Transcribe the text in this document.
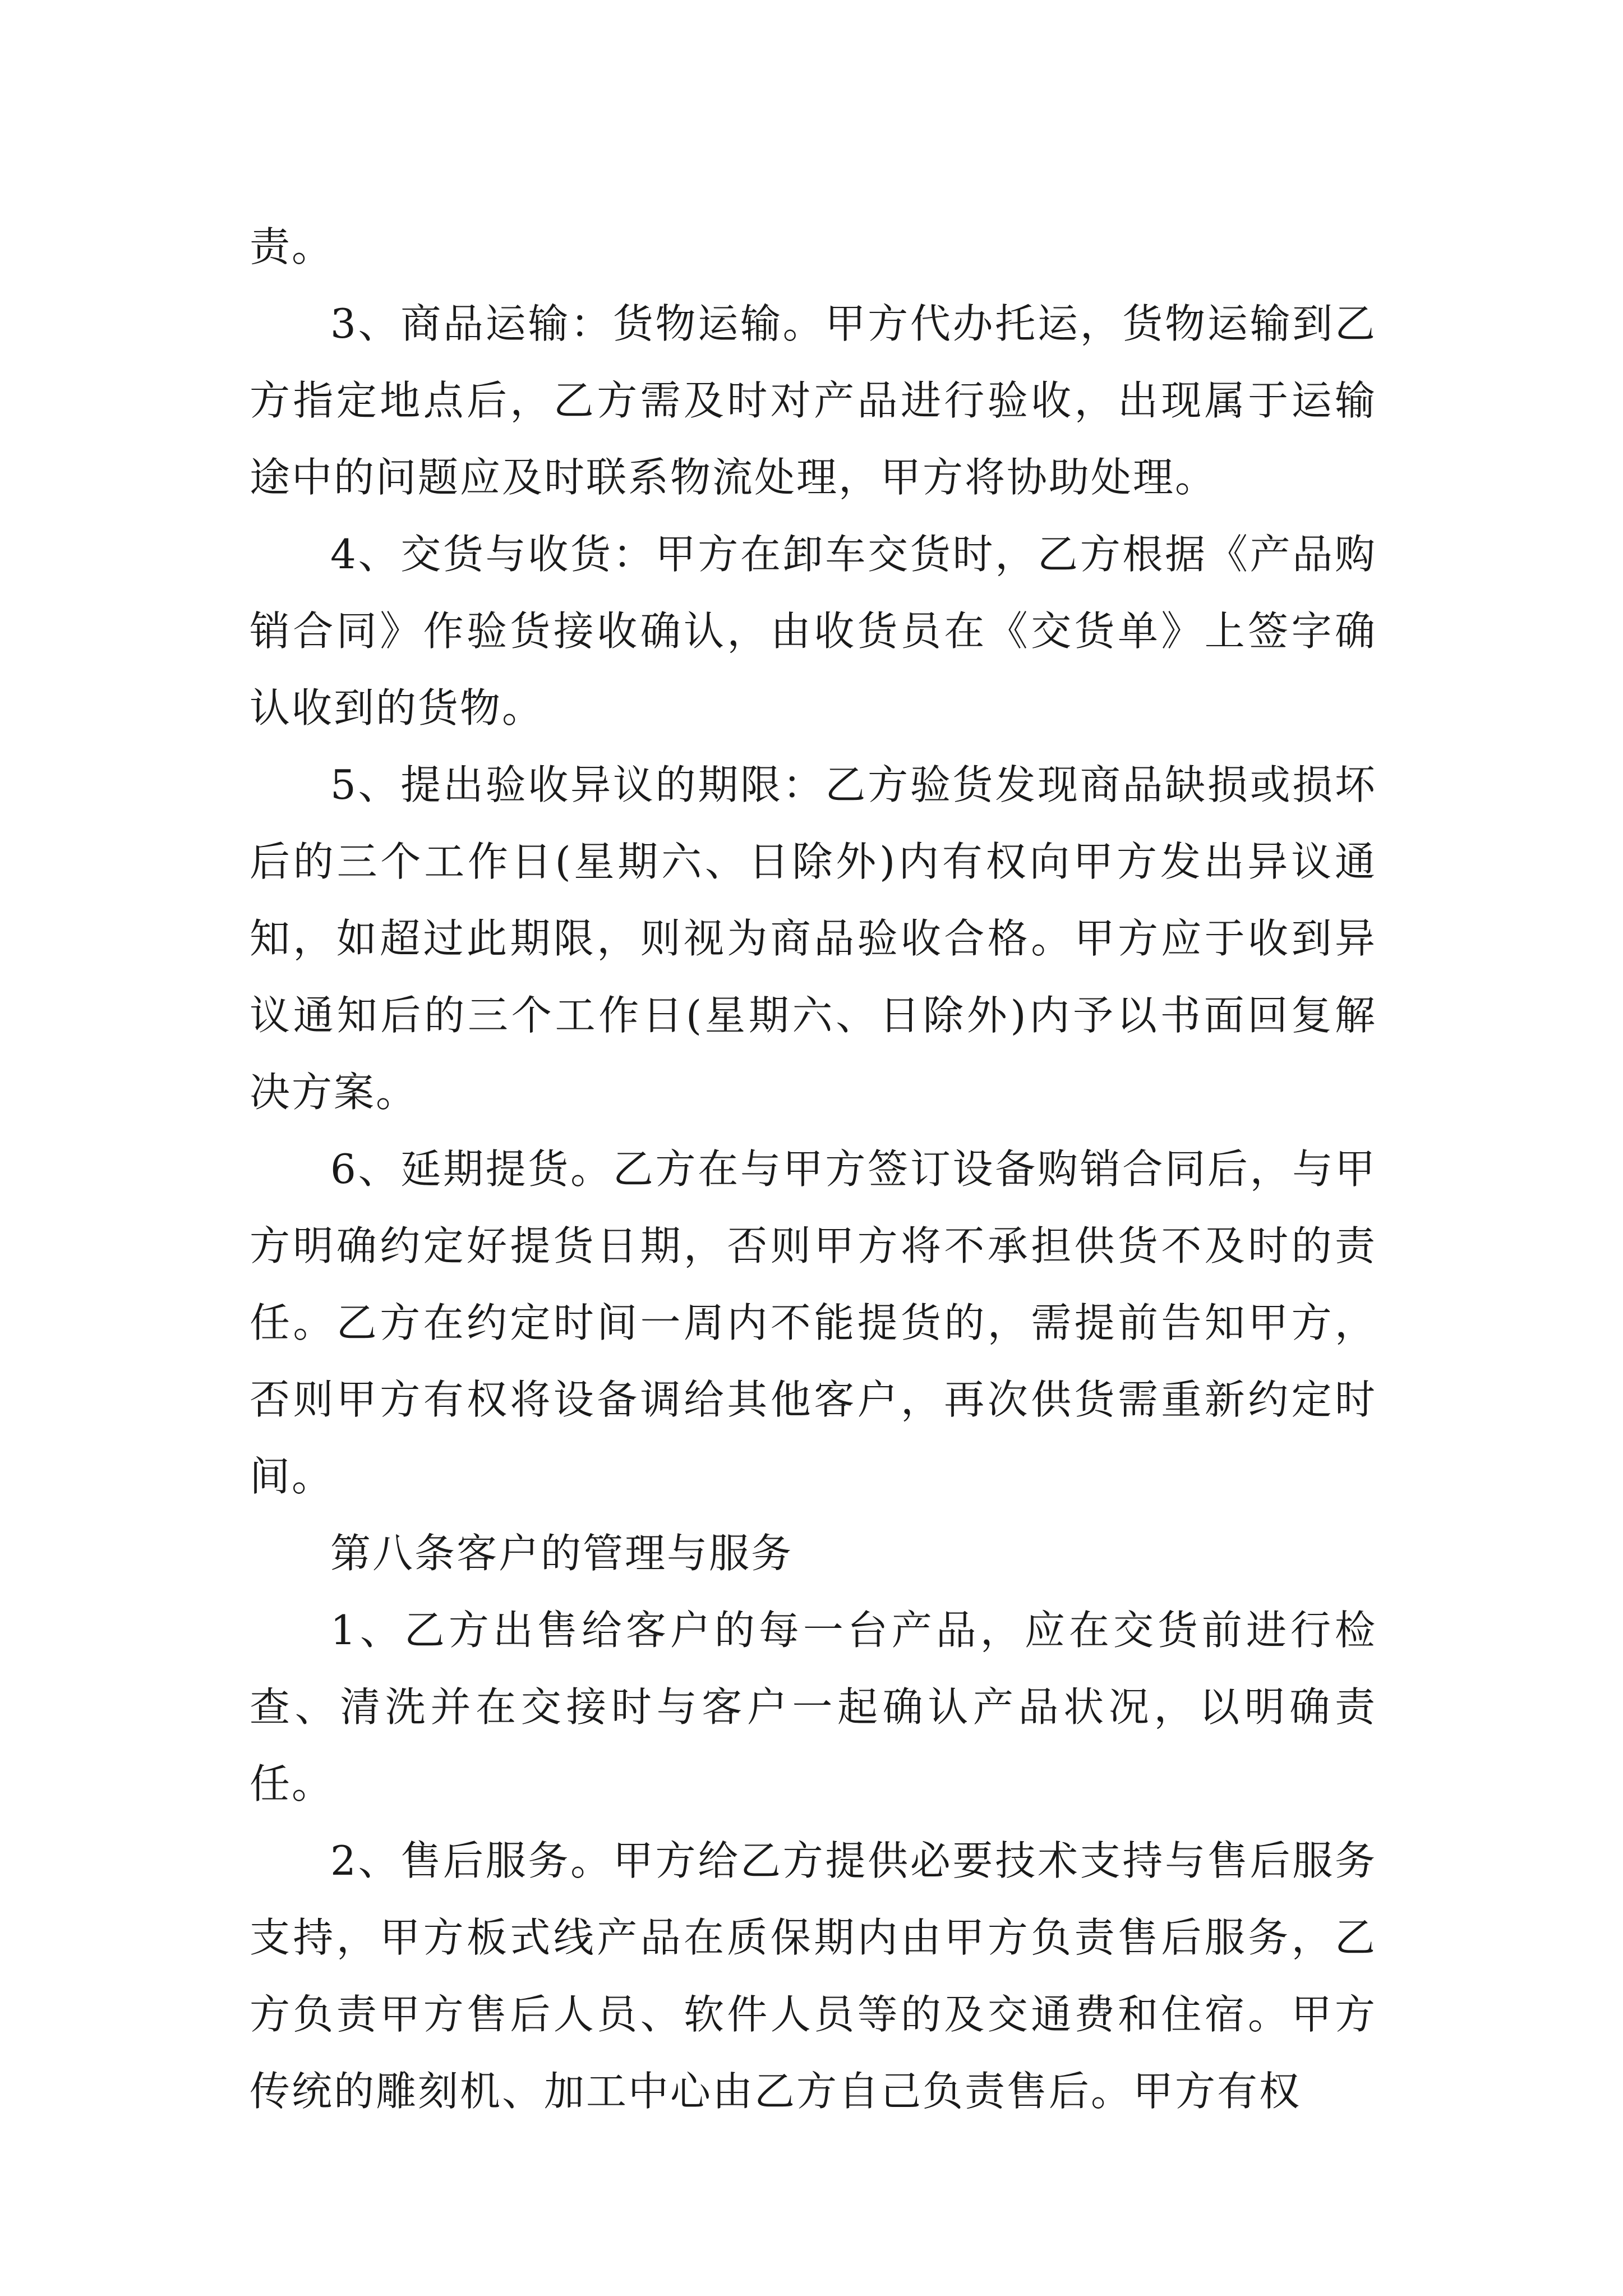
责。

3、商品运输：货物运输。甲方代办托运，货物运输到乙方指定地点后，乙方需及时对产品进行验收，出现属于运输途中的问题应及时联系物流处理，甲方将协助处理。

4、交货与收货：甲方在卸车交货时，乙方根据《产品购销合同》作验货接收确认，由收货员在《交货单》上签字确认收到的货物。

5、提出验收异议的期限：乙方验货发现商品缺损或损坏后的三个工作日(星期六、日除外)内有权向甲方发出异议通知，如超过此期限，则视为商品验收合格。甲方应于收到异议通知后的三个工作日(星期六、日除外)内予以书面回复解决方案。

6、延期提货。乙方在与甲方签订设备购销合同后，与甲方明确约定好提货日期，否则甲方将不承担供货不及时的责任。乙方在约定时间一周内不能提货的，需提前告知甲方，否则甲方有权将设备调给其他客户，再次供货需重新约定时间。

第八条客户的管理与服务

1、乙方出售给客户的每一台产品，应在交货前进行检查、清洗并在交接时与客户一起确认产品状况，以明确责任。

2、售后服务。甲方给乙方提供必要技术支持与售后服务支持，甲方板式线产品在质保期内由甲方负责售后服务，乙方负责甲方售后人员、软件人员等的及交通费和住宿。甲方传统的雕刻机、加工中心由乙方自己负责售后。甲方有权
